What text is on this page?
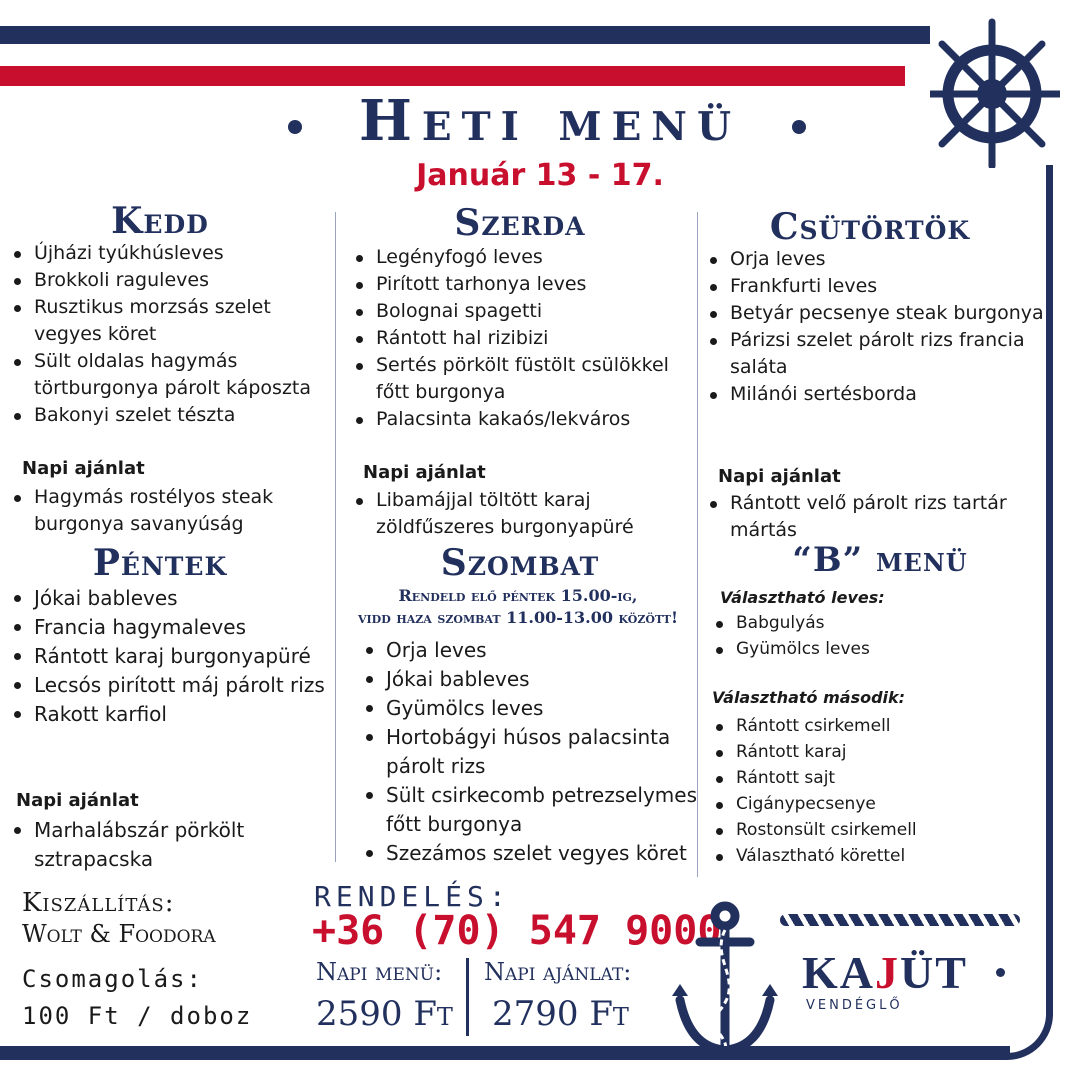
Heti menü
Január 13 - 17.
Kedd
Újházi tyúkhúsleves
Brokkoli raguleves
Rusztikus morzsás szelet vegyes köret
Sült oldalas hagymás törtburgonya párolt káposzta
Bakonyi szelet tészta
Napi ajánlat
Hagymás rostélyos steak burgonya savanyúság
Szerda
Legényfogó leves
Pirított tarhonya leves
Bolognai spagetti
Rántott hal rizibizi
Sertés pörkölt füstölt csülökkel főtt burgonya
Palacsinta kakaós/lekváros
Napi ajánlat
Libamájjal töltött karaj zöldfűszeres burgonyapüré
Csütörtök
Orja leves
Frankfurti leves
Betyár pecsenye steak burgonya
Párizsi szelet párolt rizs francia saláta
Milánói sertésborda
Napi ajánlat
Rántott velő párolt rizs tartár mártás
Péntek
Jókai bableves
Francia hagymaleves
Rántott karaj burgonyapüré
Lecsós pirított máj párolt rizs
Rakott karfiol
Napi ajánlat
Marhalábszár pörkölt sztrapacska
Szombat
Rendeld elő péntek 15.00-ig,
vidd haza szombat 11.00-13.00 között!
Orja leves
Jókai bableves
Gyümölcs leves
Hortobágyi húsos palacsinta párolt rizs
Sült csirkecomb petrezselymes főtt burgonya
Szezámos szelet vegyes köret
“B” menü
Választható leves:
Babgulyás
Gyümölcs leves
Választható második:
Rántott csirkemell
Rántott karaj
Rántott sajt
Cigánypecsenye
Rostonsült csirkemell
Választható körettel
Kiszállítás:
Wolt & Foodora
Csomagolás:
100 Ft / doboz
RENDELÉS:
+36 (70) 547 9000
Napi menü:
2590 Ft
Napi ajánlat:
2790 Ft
KAJÜT
VENDÉGLŐ
